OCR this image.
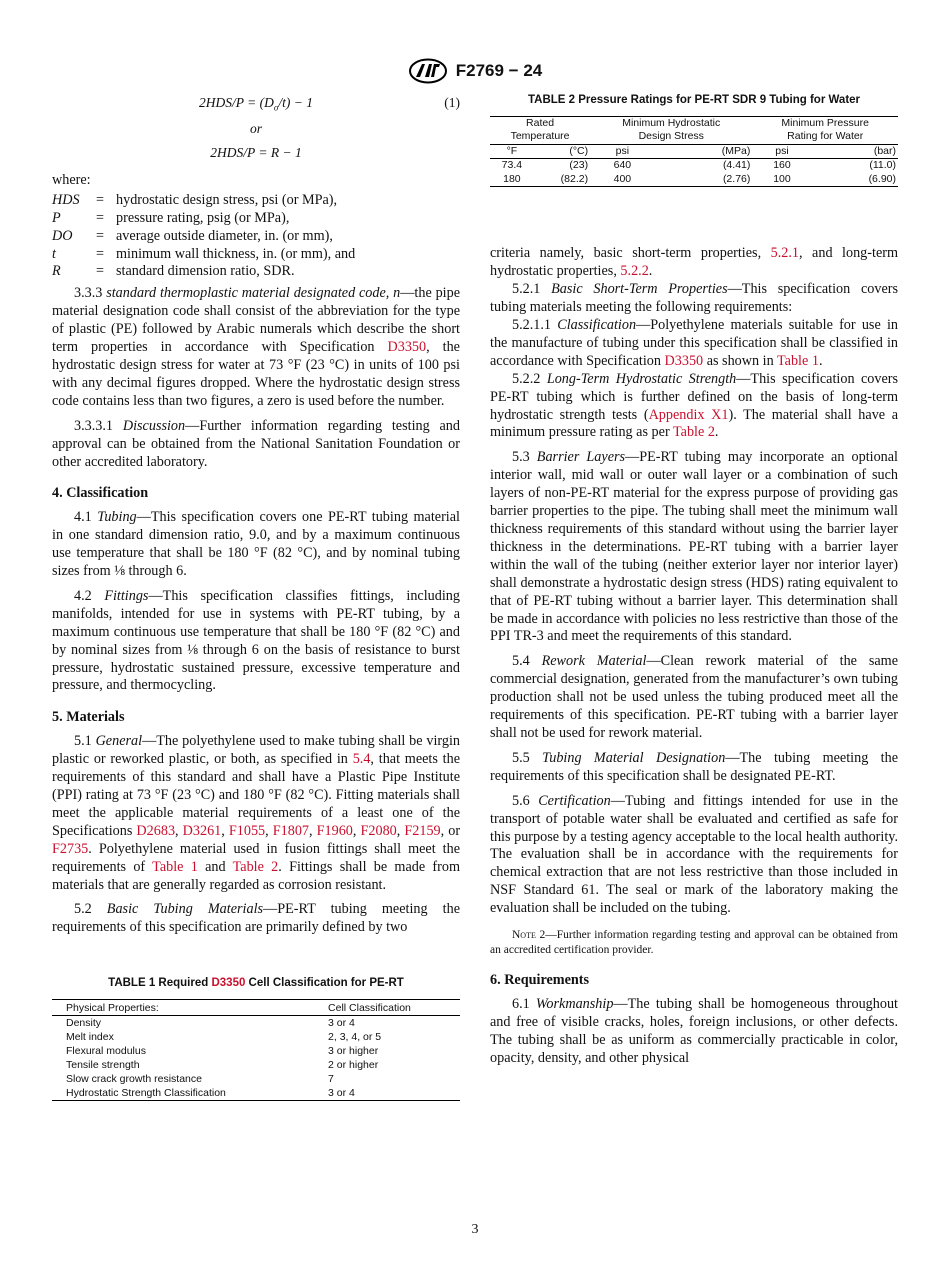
F2769 − 24
$2HDS/P = (D_o/t) - 1$	(1)
or
2HDS/P = R − 1

where:

HDS	=	hydrostatic design stress, psi (or MPa),
P	=	pressure rating, psig (or MPa),
DO	=	average outside diameter, in. (or mm),
t	=	minimum wall thickness, in. (or mm), and
R	=	standard dimension ratio, SDR.

3.3.3 standard thermoplastic material designated code, n—the pipe material designation code shall consist of the abbreviation for the type of plastic (PE) followed by Arabic numerals which describe the short term properties in accordance with Specification D3350, the hydrostatic design stress for water at 73 °F (23 °C) in units of 100 psi with any decimal figures dropped. Where the hydrostatic design stress code contains less than two figures, a zero is used before the number.

3.3.3.1 Discussion—Further information regarding testing and approval can be obtained from the National Sanitation Foundation or other accredited laboratory.

4. Classification

4.1 Tubing—This specification covers one PE-RT tubing material in one standard dimension ratio, 9.0, and by a maximum continuous use temperature that shall be 180 °F (82 °C), and by nominal tubing sizes from ⅛ through 6.

4.2 Fittings—This specification classifies fittings, including manifolds, intended for use in systems with PE-RT tubing, by a maximum continuous use temperature that shall be 180 °F (82 °C) and by nominal sizes from ⅛ through 6 on the basis of resistance to burst pressure, hydrostatic sustained pressure, excessive temperature and pressure, and thermocycling.

5. Materials

5.1 General—The polyethylene used to make tubing shall be virgin plastic or reworked plastic, or both, as specified in 5.4, that meets the requirements of this standard and shall have a Plastic Pipe Institute (PPI) rating at 73 °F (23 °C) and 180 °F (82 °C). Fitting materials shall meet the applicable material requirements of a least one of the Specifications D2683, D3261, F1055, F1807, F1960, F2080, F2159, or F2735. Polyethylene material used in fusion fittings shall meet the requirements of Table 1 and Table 2. Fittings shall be made from materials that are generally regarded as corrosion resistant.

5.2 Basic Tubing Materials—PE-RT tubing meeting the requirements of this specification are primarily defined by two

TABLE 1 Required D3350 Cell Classification for PE-RT
Physical Properties:	Cell Classification
Density	3 or 4
Melt index	2, 3, 4, or 5
Flexural modulus	3 or higher
Tensile strength	2 or higher
Slow crack growth resistance	7
Hydrostatic Strength Classification	3 or 4
TABLE 2 Pressure Ratings for PE-RT SDR 9 Tubing for Water
Rated
Temperature		Minimum Hydrostatic
Design Stress		Minimum Pressure
Rating for Water	
°F	(°C)	psi	(MPa)	psi	(bar)
73.4	(23)	640	(4.41)	160	(11.0)
180	(82.2)	400	(2.76)	100	(6.90)

criteria namely, basic short-term properties, 5.2.1, and long-term hydrostatic properties, 5.2.2.

5.2.1 Basic Short-Term Properties—This specification covers tubing materials meeting the following requirements:

5.2.1.1 Classification—Polyethylene materials suitable for use in the manufacture of tubing under this specification shall be classified in accordance with Specification D3350 as shown in Table 1.

5.2.2 Long-Term Hydrostatic Strength—This specification covers PE-RT tubing which is further defined on the basis of long-term hydrostatic strength tests (Appendix X1). The material shall have a minimum pressure rating as per Table 2.

5.3 Barrier Layers—PE-RT tubing may incorporate an optional interior wall, mid wall or outer wall layer or a combination of such layers of non-PE-RT material for the express purpose of providing gas barrier properties to the pipe. The tubing shall meet the minimum wall thickness requirements of this standard without using the barrier layer thickness in the determinations. PE-RT tubing with a barrier layer within the wall of the tubing (neither exterior layer nor interior layer) shall demonstrate a hydrostatic design stress (HDS) rating equivalent to that of PE-RT tubing without a barrier layer. This determination shall be made in accordance with policies no less restrictive than those of the PPI TR-3 and meet the requirements of this standard.

5.4 Rework Material—Clean rework material of the same commercial designation, generated from the manufacturer’s own tubing production shall not be used unless the tubing produced meet all the requirements of this specification. PE-RT tubing with a barrier layer shall not be used for rework material.

5.5 Tubing Material Designation—The tubing meeting the requirements of this specification shall be designated PE-RT.

5.6 Certification—Tubing and fittings intended for use in the transport of potable water shall be evaluated and certified as safe for this purpose by a testing agency acceptable to the local health authority. The evaluation shall be in accordance with the requirements for chemical extraction that are not less restrictive than those included in NSF Standard 61. The seal or mark of the laboratory making the evaluation shall be included on the tubing.

Note 2—Further information regarding testing and approval can be obtained from an accredited certification provider.

6. Requirements

6.1 Workmanship—The tubing shall be homogeneous throughout and free of visible cracks, holes, foreign inclusions, or other defects. The tubing shall be as uniform as commercially practicable in color, opacity, density, and other physical

3
